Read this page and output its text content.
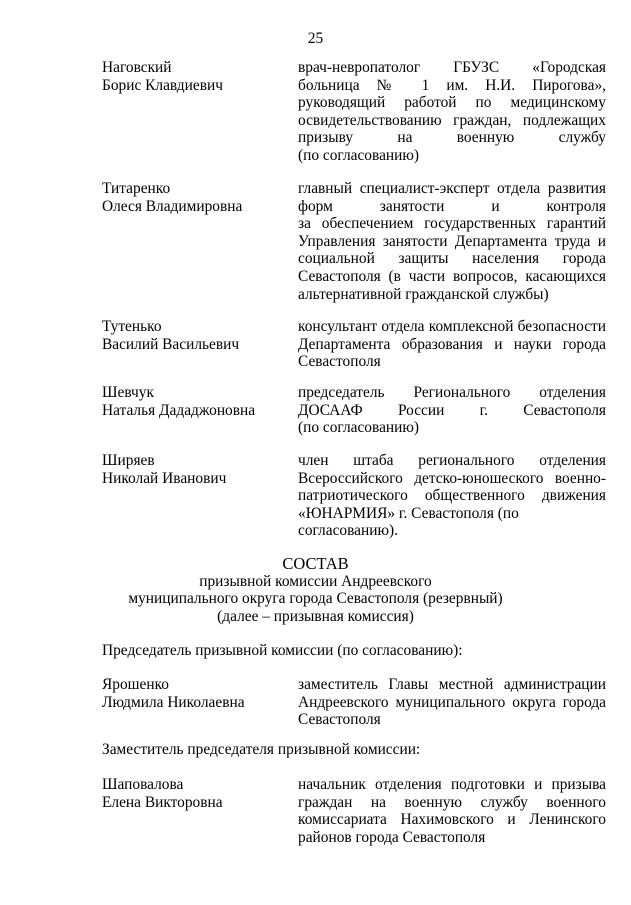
25
Наговский
Борис Клавдиевич
врач-невропатолог ГБУЗС «Городская
больница № 1 им. Н.И. Пирогова»,
руководящий работой по медицинскому
освидетельствованию граждан, подлежащих
призыву на военную службу
(по согласованию)
Титаренко
Олеся Владимировна
главный специалист-эксперт отдела развития
форм занятости и контроля
за обеспечением государственных гарантий
Управления занятости Департамента труда и
социальной защиты населения города
Севастополя (в части вопросов, касающихся
альтернативной гражданской службы)
Тутенько
Василий Васильевич
консультант отдела комплексной безопасности
Департамента образования и науки города
Севастополя
Шевчук
Наталья Дададжоновна
председатель Регионального отделения
ДОСААФ России г. Севастополя
(по согласованию)
Ширяев
Николай Иванович
член штаба регионального отделения
Всероссийского детско-юношеского военно-
патриотического общественного движения
«ЮНАРМИЯ» г. Севастополя (по согласованию).
СОСТАВ
призывной комиссии Андреевского
муниципального округа города Севастополя (резервный)
(далее – призывная комиссия)
Председатель призывной комиссии (по согласованию):
Ярошенко
Людмила Николаевна
заместитель Главы местной администрации
Андреевского муниципального округа города
Севастополя
Заместитель председателя призывной комиссии:
Шаповалова
Елена Викторовна
начальник отделения подготовки и призыва
граждан на военную службу военного
комиссариата Нахимовского и Ленинского
районов города Севастополя
